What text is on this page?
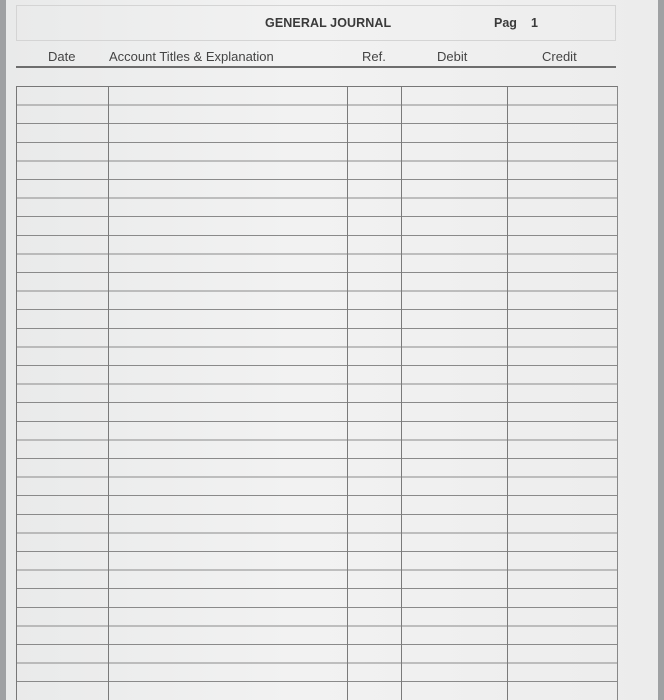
GENERAL JOURNAL	Pag 1
Date	Account Titles & Explanation	Ref.	Debit	Credit
